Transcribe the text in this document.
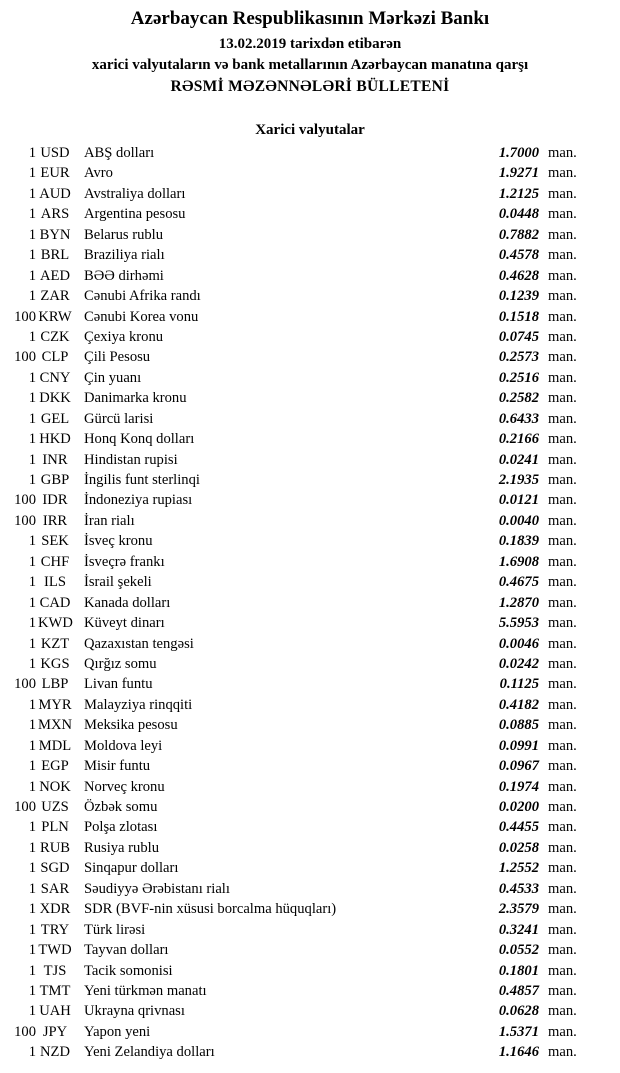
Azərbaycan Respublikasının Mərkəzi Bankı
13.02.2019 tarixdən etibarən
xarici valyutaların və bank metallarının Azərbaycan manatına qarşı
RƏSMİ MƏZƏNNƏLƏRİ BÜLLETENİ
Xarici valyutalar
1 USD ABŞ dolları	1.7000 man.
1 EUR Avro	1.9271 man.
1 AUD Avstraliya dolları	1.2125 man.
1 ARS	Argentina pesosu	0.0448 man.
1 BYN Belarus rublu	0.7882 man.
1 BRL	Braziliya rialı	0.4578 man.
1 AED BƏƏ dirhəmi	0.4628 man.
1 ZAR Cənubi Afrika randı	0.1239 man.
100 KRW Cənubi Korea vonu	0.1518 man.
1 CZK Çexiya kronu	0.0745 man.
100 CLP	Çili Pesosu	0.2573 man.
1 CNY Çin yuanı	0.2516 man.
1 DKK Danimarka kronu	0.2582 man.
1 GEL	Gürcü larisi	0.6433 man.
1 HKD Honq Konq dolları	0.2166 man.
1 INR	Hindistan rupisi	0.0241 man.
1 GBP	İngilis funt sterlinqi	2.1935 man.
100 IDR	İndoneziya rupiası	0.0121 man.
100 IRR	İran rialı	0.0040 man.
1 SEK	İsveç kronu	0.1839 man.
1 CHF	İsveçrə frankı	1.6908 man.
1 ILS	İsrail şekeli	0.4675 man.
1 CAD Kanada dolları	1.2870 man.
1 KWD Küveyt dinarı	5.5953 man.
1 KZT	Qazaxıstan tengəsi	0.0046 man.
1 KGS Qırğız somu	0.0242 man.
100 LBP	Livan funtu	0.1125 man.
1 MYR Malayziya rinqqiti	0.4182 man.
1 MXN Meksika pesosu	0.0885 man.
1 MDL Moldova leyi	0.0991 man.
1 EGP	Misir funtu	0.0967 man.
1 NOK Norveç kronu	0.1974 man.
100 UZS	Özbək somu	0.0200 man.
1 PLN	Polşa zlotası	0.4455 man.
1 RUB Rusiya rublu	0.0258 man.
1 SGD Sinqapur dolları	1.2552 man.
1 SAR	Səudiyyə Ərəbistanı rialı	0.4533 man.
1 XDR SDR (BVF-nin xüsusi borcalma hüquqları)	2.3579 man.
1 TRY	Türk lirəsi	0.3241 man.
1 TWD Tayvan dolları	0.0552 man.
1 TJS	Tacik somonisi	0.1801 man.
1 TMT Yeni türkmən manatı	0.4857 man.
1 UAH Ukrayna qrivnası	0.0628 man.
100 JPY	Yapon yeni	1.5371 man.
1 NZD Yeni Zelandiya dolları	1.1646 man.
